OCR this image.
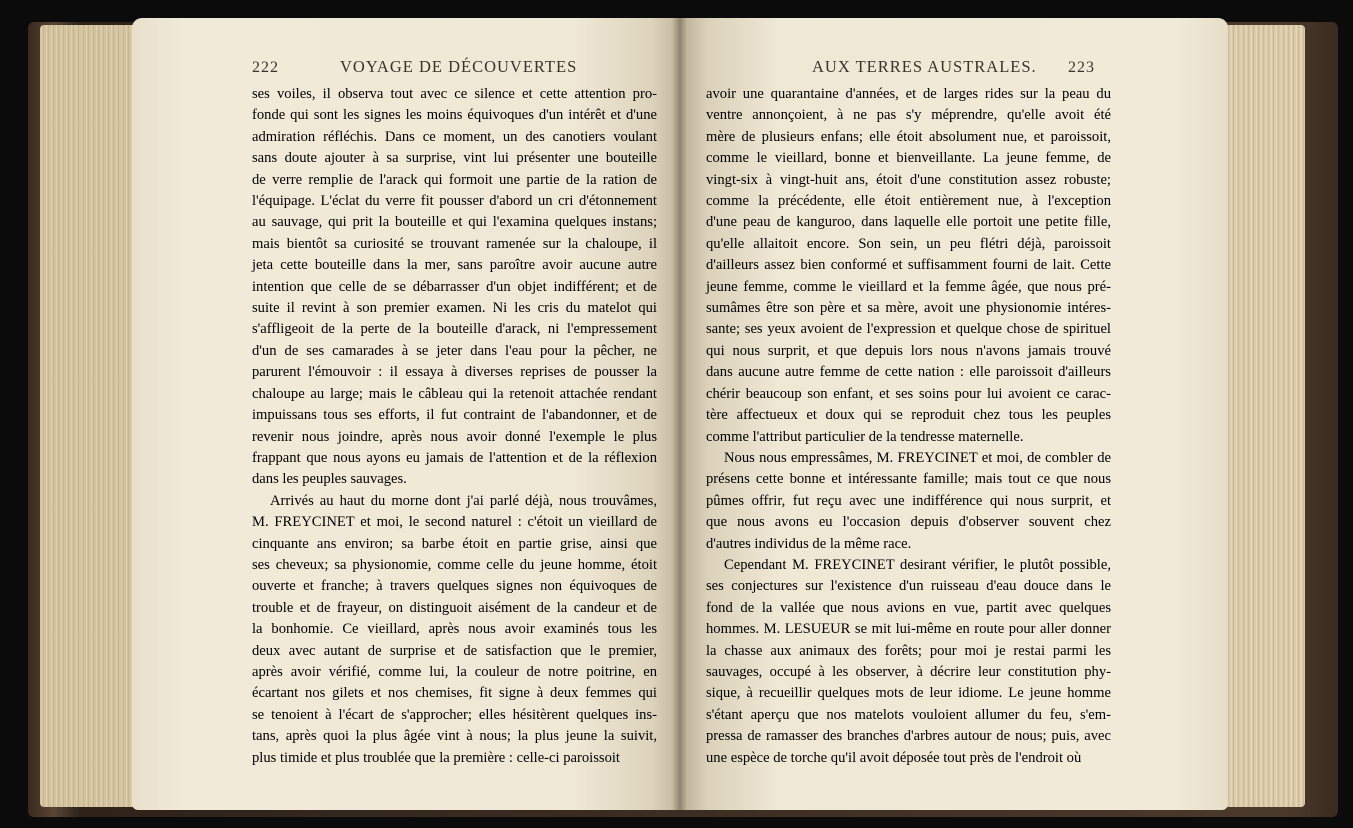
222	VOYAGE DE DÉCOUVERTES	AUX TERRES AUSTRALES. 223
ses voiles, il observa tout avec ce silence et cette attention pro-
fonde qui sont les signes les moins équivoques d'un intérêt et d'une
admiration réfléchis. Dans ce moment, un des canotiers voulant
sans doute ajouter à sa surprise, vint lui présenter une bouteille
de verre remplie de l'arack qui formoit une partie de la ration de
l'équipage. L'éclat du verre fit pousser d'abord un cri d'étonnement
au sauvage, qui prit la bouteille et qui l'examina quelques instans;
mais bientôt sa curiosité se trouvant ramenée sur la chaloupe, il
jeta cette bouteille dans la mer, sans paroître avoir aucune autre
intention que celle de se débarrasser d'un objet indifférent; et de
suite il revint à son premier examen. Ni les cris du matelot qui
s'affligeoit de la perte de la bouteille d'arack, ni l'empressement
d'un de ses camarades à se jeter dans l'eau pour la pêcher, ne
parurent l'émouvoir : il essaya à diverses reprises de pousser la
chaloupe au large; mais le câbleau qui la retenoit attachée rendant
impuissans tous ses efforts, il fut contraint de l'abandonner, et de
revenir nous joindre, après nous avoir donné l'exemple le plus
frappant que nous ayons eu jamais de l'attention et de la réflexion
dans les peuples sauvages.
Arrivés au haut du morne dont j'ai parlé déjà, nous trouvâmes,
M. FREYCINET et moi, le second naturel : c'étoit un vieillard de
cinquante ans environ; sa barbe étoit en partie grise, ainsi que
ses cheveux; sa physionomie, comme celle du jeune homme, étoit
ouverte et franche; à travers quelques signes non équivoques de
trouble et de frayeur, on distinguoit aisément de la candeur et de
la bonhomie. Ce vieillard, après nous avoir examinés tous les
deux avec autant de surprise et de satisfaction que le premier,
après avoir vérifié, comme lui, la couleur de notre poitrine, en
écartant nos gilets et nos chemises, fit signe à deux femmes qui
se tenoient à l'écart de s'approcher; elles hésitèrent quelques ins-
tans, après quoi la plus âgée vint à nous; la plus jeune la suivit,
plus timide et plus troublée que la première : celle-ci paroissoit
avoir une quarantaine d'années, et de larges rides sur la peau du
ventre annonçoient, à ne pas s'y méprendre, qu'elle avoit été
mère de plusieurs enfans; elle étoit absolument nue, et paroissoit,
comme le vieillard, bonne et bienveillante. La jeune femme, de
vingt-six à vingt-huit ans, étoit d'une constitution assez robuste;
comme la précédente, elle étoit entièrement nue, à l'exception
d'une peau de kanguroo, dans laquelle elle portoit une petite fille,
qu'elle allaitoit encore. Son sein, un peu flétri déjà, paroissoit
d'ailleurs assez bien conformé et suffisamment fourni de lait. Cette
jeune femme, comme le vieillard et la femme âgée, que nous pré-
sumâmes être son père et sa mère, avoit une physionomie intéres-
sante; ses yeux avoient de l'expression et quelque chose de spirituel
qui nous surprit, et que depuis lors nous n'avons jamais trouvé
dans aucune autre femme de cette nation : elle paroissoit d'ailleurs
chérir beaucoup son enfant, et ses soins pour lui avoient ce carac-
tère affectueux et doux qui se reproduit chez tous les peuples
comme l'attribut particulier de la tendresse maternelle.
Nous nous empressâmes, M. FREYCINET et moi, de combler de
présens cette bonne et intéressante famille; mais tout ce que nous
pûmes offrir, fut reçu avec une indifférence qui nous surprit, et
que nous avons eu l'occasion depuis d'observer souvent chez
d'autres individus de la même race.
Cependant M. FREYCINET desirant vérifier, le plutôt possible,
ses conjectures sur l'existence d'un ruisseau d'eau douce dans le
fond de la vallée que nous avions en vue, partit avec quelques
hommes. M. LESUEUR se mit lui-même en route pour aller donner
la chasse aux animaux des forêts; pour moi je restai parmi les
sauvages, occupé à les observer, à décrire leur constitution phy-
sique, à recueillir quelques mots de leur idiome. Le jeune homme
s'étant aperçu que nos matelots vouloient allumer du feu, s'em-
pressa de ramasser des branches d'arbres autour de nous; puis, avec
une espèce de torche qu'il avoit déposée tout près de l'endroit où
